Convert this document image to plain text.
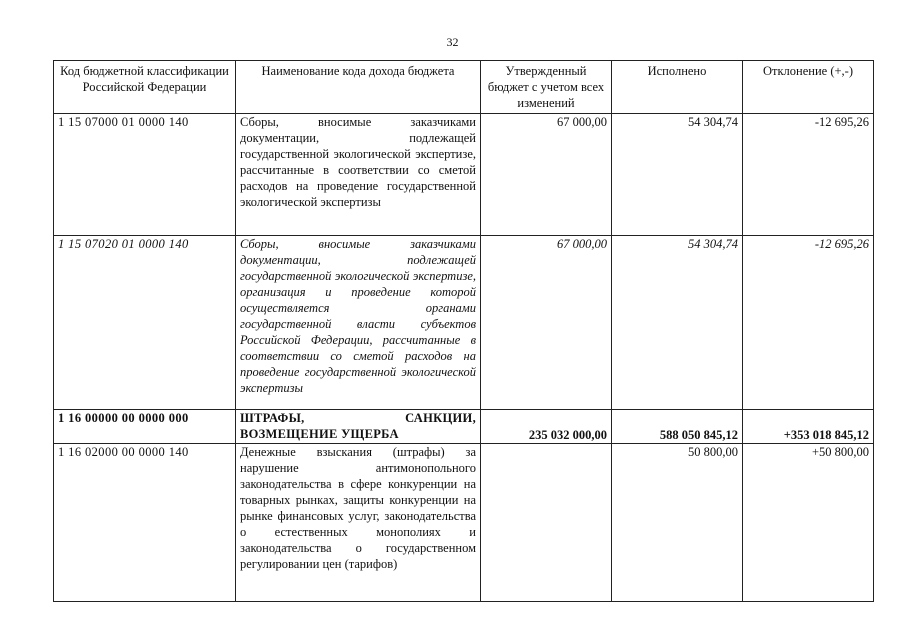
32
Код бюджетной классификации Российской Федерации	Наименование кода дохода бюджета	Утвержденный бюджет с учетом всех изменений	Исполнено	Отклонение (+,-)
1 15 07000 01 0000 140	Сборы, вносимые заказчиками документации, подлежащей государственной экологической экспертизе, рассчитанные в соответствии со сметой расходов на проведение государственной экологической экспертизы	67 000,00	54 304,74	-12 695,26
1 15 07020 01 0000 140	Сборы, вносимые заказчиками документации, подлежащей государственной экологической экспертизе, организация и проведение которой осуществляется органами государственной власти субъектов Российской Федерации, рассчитанные в соответствии со сметой расходов на проведение государственной экологической экспертизы	67 000,00	54 304,74	-12 695,26
1 16 00000 00 0000 000	ШТРАФЫ, САНКЦИИ, ВОЗМЕЩЕНИЕ УЩЕРБА	235 032 000,00	588 050 845,12	+353 018 845,12
1 16 02000 00 0000 140	Денежные взыскания (штрафы) за нарушение антимонопольного законодательства в сфере конкуренции на товарных рынках, защиты конкуренции на рынке финансовых услуг, законодательства о естественных монополиях и законодательства о государственном регулировании цен (тарифов)		50 800,00	+50 800,00
